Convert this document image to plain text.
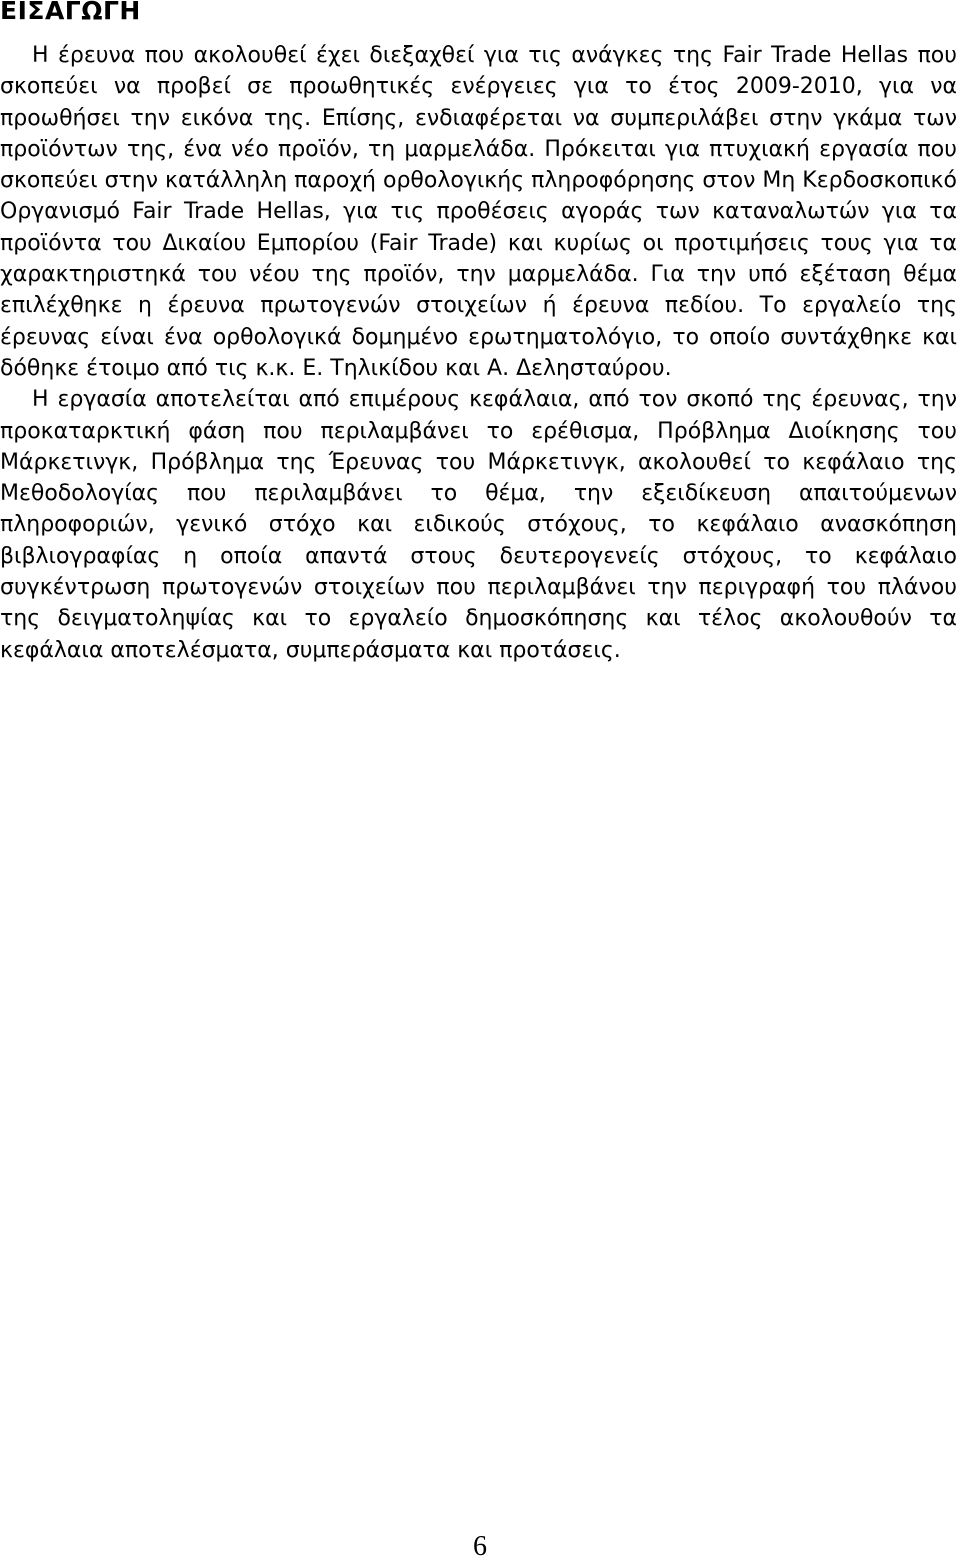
ΕΙΣΑΓΩΓΗ

Η έρευνα που ακολουθεί έχει διεξαχθεί για τις ανάγκες της Fair Trade Hellas που σκοπεύει να προβεί σε προωθητικές ενέργειες για το έτος 2009-2010, για να προωθήσει την εικόνα της. Επίσης, ενδιαφέρεται να συμπεριλάβει στην γκάμα των προϊόντων της, ένα νέο προϊόν, τη μαρμελάδα. Πρόκειται για πτυχιακή εργασία που σκοπεύει στην κατάλληλη παροχή ορθολογικής πληροφόρησης στον Μη Κερδοσκοπικό Οργανισμό Fair Trade Hellas, για τις προθέσεις αγοράς των καταναλωτών για τα προϊόντα του Δικαίου Εμπορίου (Fair Trade) και κυρίως οι προτιμήσεις τους για τα χαρακτηριστηκά του νέου της προϊόν, την μαρμελάδα. Για την υπό εξέταση θέμα επιλέχθηκε η έρευνα πρωτογενών στοιχείων ή έρευνα πεδίου. Το εργαλείο της έρευνας είναι ένα ορθολογικά δομημένο ερωτηματολόγιο, το οποίο συντάχθηκε και δόθηκε έτοιμο από τις κ.κ. Ε. Τηλικίδου και Α. Δελησταύρου.

Η εργασία αποτελείται από επιμέρους κεφάλαια, από τον σκοπό της έρευνας, την προκαταρκτική φάση που περιλαμβάνει το ερέθισμα, Πρόβλημα Διοίκησης του Μάρκετινγκ, Πρόβλημα της Έρευνας του Μάρκετινγκ, ακολουθεί το κεφάλαιο της Μεθοδολογίας που περιλαμβάνει το θέμα, την εξειδίκευση απαιτούμενων πληροφοριών, γενικό στόχο και ειδικούς στόχους, το κεφάλαιο ανασκόπηση βιβλιογραφίας η οποία απαντά στους δευτερογενείς στόχους, το κεφάλαιο συγκέντρωση πρωτογενών στοιχείων που περιλαμβάνει την περιγραφή του πλάνου της δειγματοληψίας και το εργαλείο δημοσκόπησης και τέλος ακολουθούν τα κεφάλαια αποτελέσματα, συμπεράσματα και προτάσεις.

6
